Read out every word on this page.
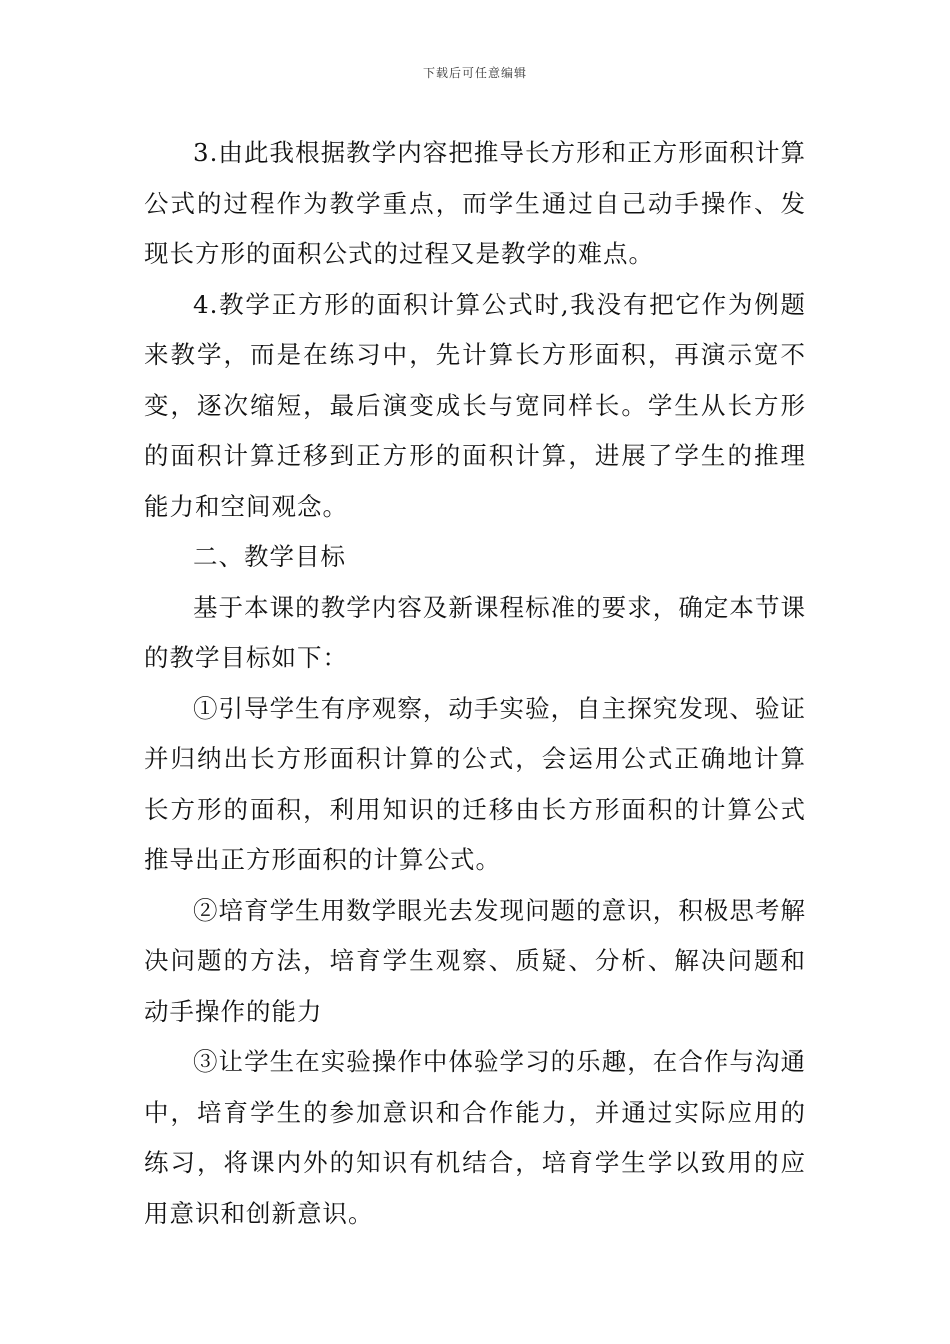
下载后可任意编辑

3.由此我根据教学内容把推导长方形和正方形面积计算公式的过程作为教学重点，而学生通过自己动手操作、发现长方形的面积公式的过程又是教学的难点。

4.教学正方形的面积计算公式时,我没有把它作为例题来教学，而是在练习中，先计算长方形面积，再演示宽不变，逐次缩短，最后演变成长与宽同样长。学生从长方形的面积计算迁移到正方形的面积计算，进展了学生的推理能力和空间观念。

二、教学目标

基于本课的教学内容及新课程标准的要求，确定本节课的教学目标如下：

①引导学生有序观察，动手实验，自主探究发现、验证并归纳出长方形面积计算的公式，会运用公式正确地计算长方形的面积，利用知识的迁移由长方形面积的计算公式推导出正方形面积的计算公式。

②培育学生用数学眼光去发现问题的意识，积极思考解决问题的方法，培育学生观察、质疑、分析、解决问题和动手操作的能力

③让学生在实验操作中体验学习的乐趣，在合作与沟通中，培育学生的参加意识和合作能力，并通过实际应用的练习，将课内外的知识有机结合，培育学生学以致用的应用意识和创新意识。
